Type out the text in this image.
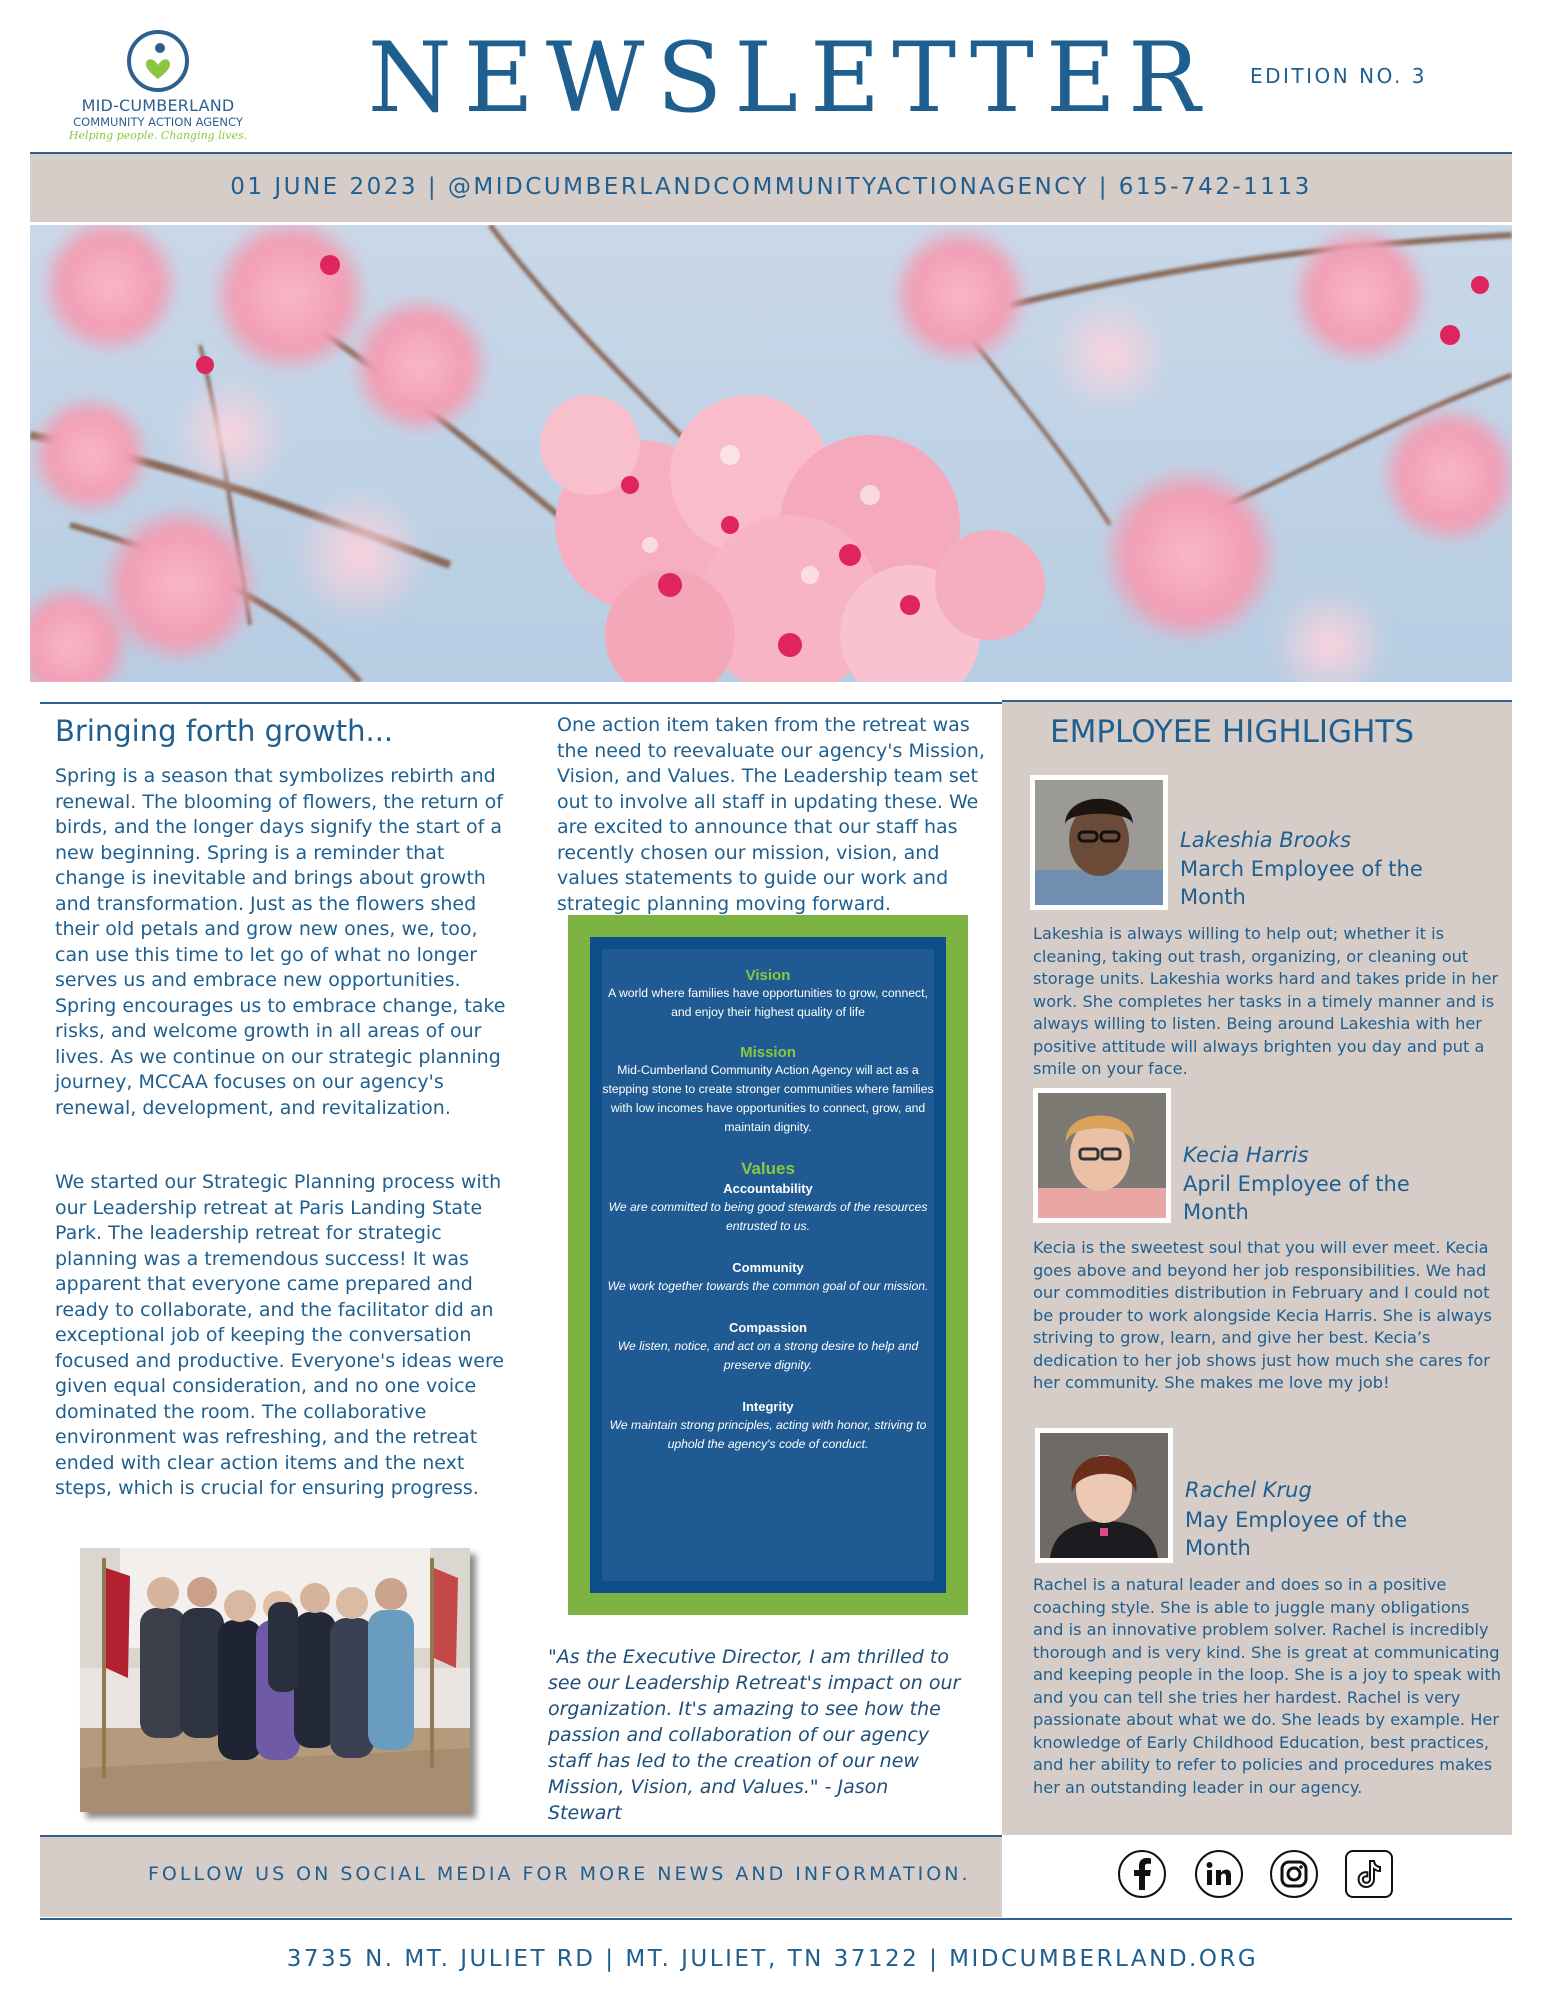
MID-CUMBERLAND
COMMUNITY ACTION AGENCY
Helping people. Changing lives.
NEWSLETTER	EDITION NO. 3
01 JUNE 2023 | @MIDCUMBERLANDCOMMUNITYACTIONAGENCY | 615-742-1113
Bringing forth growth...
Spring is a season that symbolizes rebirth and renewal. The blooming of flowers, the return of birds, and the longer days signify the start of a new beginning. Spring is a reminder that change is inevitable and brings about growth and transformation. Just as the flowers shed their old petals and grow new ones, we, too, can use this time to let go of what no longer serves us and embrace new opportunities. Spring encourages us to embrace change, take risks, and welcome growth in all areas of our lives. As we continue on our strategic planning journey, MCCAA focuses on our agency's renewal, development, and revitalization.
We started our Strategic Planning process with our Leadership retreat at Paris Landing State Park. The leadership retreat for strategic planning was a tremendous success! It was apparent that everyone came prepared and ready to collaborate, and the facilitator did an exceptional job of keeping the conversation focused and productive. Everyone's ideas were given equal consideration, and no one voice dominated the room. The collaborative environment was refreshing, and the retreat ended with clear action items and the next steps, which is crucial for ensuring progress.
One action item taken from the retreat was the need to reevaluate our agency's Mission, Vision, and Values. The Leadership team set out to involve all staff in updating these. We are excited to announce that our staff has recently chosen our mission, vision, and values statements to guide our work and strategic planning moving forward.
Vision
A world where families have opportunities to grow, connect, and enjoy their highest quality of life
Mission
Mid-Cumberland Community Action Agency will act as a stepping stone to create stronger communities where families with low incomes have opportunities to connect, grow, and maintain dignity.
Values
Accountability
We are committed to being good stewards of the resources entrusted to us.
Community
We work together towards the common goal of our mission.
Compassion
We listen, notice, and act on a strong desire to help and preserve dignity.
Integrity
We maintain strong principles, acting with honor, striving to uphold the agency's code of conduct.
"As the Executive Director, I am thrilled to see our Leadership Retreat's impact on our organization. It's amazing to see how the passion and collaboration of our agency staff has led to the creation of our new Mission, Vision, and Values." - Jason Stewart
EMPLOYEE HIGHLIGHTS
Lakeshia Brooks
March Employee of the Month
Lakeshia is always willing to help out; whether it is cleaning, taking out trash, organizing, or cleaning out storage units. Lakeshia works hard and takes pride in her work. She completes her tasks in a timely manner and is always willing to listen. Being around Lakeshia with her positive attitude will always brighten you day and put a smile on your face.
Kecia Harris
April Employee of the Month
Kecia is the sweetest soul that you will ever meet. Kecia goes above and beyond her job responsibilities. We had our commodities distribution in February and I could not be prouder to work alongside Kecia Harris. She is always striving to grow, learn, and give her best. Kecia’s dedication to her job shows just how much she cares for her community. She makes me love my job!
Rachel Krug
May Employee of the Month
Rachel is a natural leader and does so in a positive coaching style. She is able to juggle many obligations and is an innovative problem solver. Rachel is incredibly thorough and is very kind. She is great at communicating and keeping people in the loop. She is a joy to speak with and you can tell she tries her hardest. Rachel is very passionate about what we do. She leads by example. Her knowledge of Early Childhood Education, best practices, and her ability to refer to policies and procedures makes her an outstanding leader in our agency.
FOLLOW US ON SOCIAL MEDIA FOR MORE NEWS AND INFORMATION.
3735 N. MT. JULIET RD | MT. JULIET, TN 37122 | MIDCUMBERLAND.ORG
